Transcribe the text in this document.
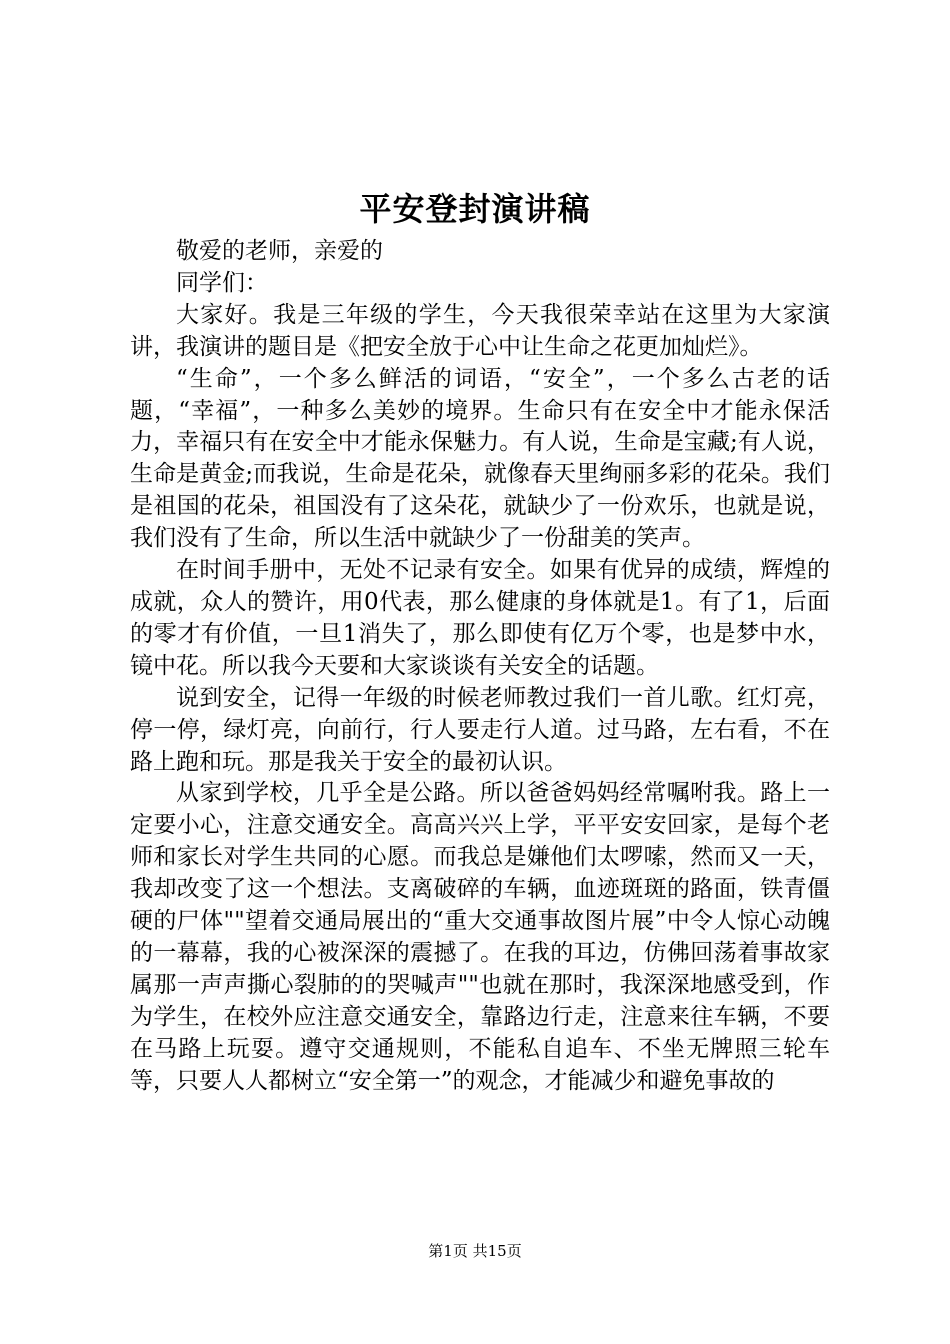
平安登封演讲稿

敬爱的老师，亲爱的

同学们：

大家好。我是三年级的学生，今天我很荣幸站在这里为大家演讲，我演讲的题目是《把安全放于心中让生命之花更加灿烂》。

“生命”，一个多么鲜活的词语，“安全”，一个多么古老的话题，“幸福”，一种多么美妙的境界。生命只有在安全中才能永保活力，幸福只有在安全中才能永保魅力。有人说，生命是宝藏;有人说，生命是黄金;而我说，生命是花朵，就像春天里绚丽多彩的花朵。我们是祖国的花朵，祖国没有了这朵花，就缺少了一份欢乐，也就是说，我们没有了生命，所以生活中就缺少了一份甜美的笑声。

在时间手册中，无处不记录有安全。如果有优异的成绩，辉煌的成就，众人的赞许，用0代表，那么健康的身体就是1。有了1，后面的零才有价值，一旦1消失了，那么即使有亿万个零，也是梦中水，镜中花。所以我今天要和大家谈谈有关安全的话题。

说到安全，记得一年级的时候老师教过我们一首儿歌。红灯亮，停一停，绿灯亮，向前行，行人要走行人道。过马路，左右看，不在路上跑和玩。那是我关于安全的最初认识。

从家到学校，几乎全是公路。所以爸爸妈妈经常嘱咐我。路上一定要小心，注意交通安全。高高兴兴上学，平平安安回家，是每个老师和家长对学生共同的心愿。而我总是嫌他们太啰嗦，然而又一天，我却改变了这一个想法。支离破碎的车辆，血迹斑斑的路面，铁青僵硬的尸体""望着交通局展出的“重大交通事故图片展”中令人惊心动魄的一幕幕，我的心被深深的震撼了。在我的耳边，仿佛回荡着事故家属那一声声撕心裂肺的的哭喊声""也就在那时，我深深地感受到，作为学生，在校外应注意交通安全，靠路边行走，注意来往车辆，不要在马路上玩耍。遵守交通规则，不能私自追车、不坐无牌照三轮车等，只要人人都树立“安全第一”的观念，才能减少和避免事故的

第1页 共15页
